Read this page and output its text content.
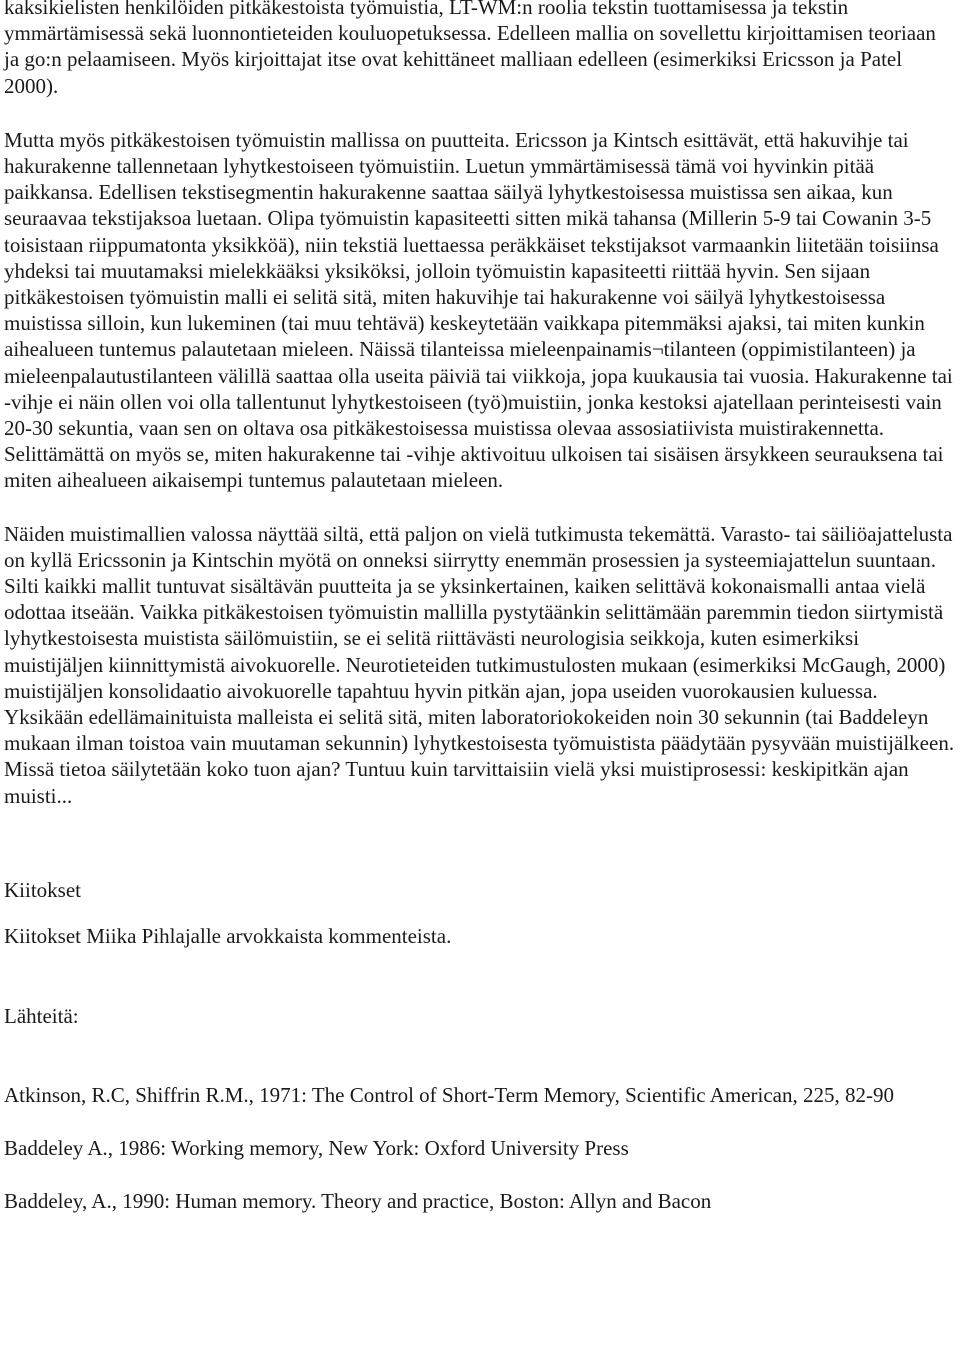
kaksikielisten henkilöiden pitkäkestoista työmuistia, LT-WM:n roolia tekstin tuottamisessa ja tekstin ymmärtämisessä sekä luonnontieteiden kouluopetuksessa. Edelleen mallia on sovellettu kirjoittamisen teoriaan ja go:n pelaamiseen. Myös kirjoittajat itse ovat kehittäneet malliaan edelleen (esimerkiksi Ericsson ja Patel 2000).

Mutta myös pitkäkestoisen työmuistin mallissa on puutteita. Ericsson ja Kintsch esittävät, että hakuvihje tai hakurakenne tallennetaan lyhytkestoiseen työmuistiin. Luetun ymmärtämisessä tämä voi hyvinkin pitää paikkansa. Edellisen tekstisegmentin hakurakenne saattaa säilyä lyhytkestoisessa muistissa sen aikaa, kun seuraavaa tekstijaksoa luetaan. Olipa työmuistin kapasiteetti sitten mikä tahansa (Millerin 5-9 tai Cowanin 3-5 toisistaan riippumatonta yksikköä), niin tekstiä luettaessa peräkkäiset tekstijaksot varmaankin liitetään toisiinsa yhdeksi tai muutamaksi mielekkääksi yksiköksi, jolloin työmuistin kapasiteetti riittää hyvin. Sen sijaan pitkäkestoisen työmuistin malli ei selitä sitä, miten hakuvihje tai hakurakenne voi säilyä lyhytkestoisessa muistissa silloin, kun lukeminen (tai muu tehtävä) keskeytetään vaikkapa pitemmäksi ajaksi, tai miten kunkin aihealueen tuntemus palautetaan mieleen. Näissä tilanteissa mieleenpainamis¬tilanteen (oppimistilanteen) ja mieleenpalautustilanteen välillä saattaa olla useita päiviä tai viikkoja, jopa kuukausia tai vuosia. Hakurakenne tai -vihje ei näin ollen voi olla tallentunut lyhytkestoiseen (työ)muistiin, jonka kestoksi ajatellaan perinteisesti vain 20-30 sekuntia, vaan sen on oltava osa pitkäkestoisessa muistissa olevaa assosiatiivista muistirakennetta. Selittämättä on myös se, miten hakurakenne tai -vihje aktivoituu ulkoisen tai sisäisen ärsykkeen seurauksena tai miten aihealueen aikaisempi tuntemus palautetaan mieleen.

Näiden muistimallien valossa näyttää siltä, että paljon on vielä tutkimusta tekemättä. Varasto- tai säiliöajattelusta on kyllä Ericssonin ja Kintschin myötä on onneksi siirrytty enemmän prosessien ja systeemiajattelun suuntaan. Silti kaikki mallit tuntuvat sisältävän puutteita ja se yksinkertainen, kaiken selittävä kokonaismalli antaa vielä odottaa itseään. Vaikka pitkäkestoisen työmuistin mallilla pystytäänkin selittämään paremmin tiedon siirtymistä lyhytkestoisesta muistista säilömuistiin, se ei selitä riittävästi neurologisia seikkoja, kuten esimerkiksi muistijäljen kiinnittymistä aivokuorelle. Neurotieteiden tutkimustulosten mukaan (esimerkiksi McGaugh, 2000) muistijäljen konsolidaatio aivokuorelle tapahtuu hyvin pitkän ajan, jopa useiden vuorokausien kuluessa. Yksikään edellämainituista malleista ei selitä sitä, miten laboratoriokokeiden noin 30 sekunnin (tai Baddeleyn mukaan ilman toistoa vain muutaman sekunnin) lyhytkestoisesta työmuistista päädytään pysyvään muistijälkeen. Missä tietoa säilytetään koko tuon ajan? Tuntuu kuin tarvittaisiin vielä yksi muistiprosessi: keskipitkän ajan muisti...

Kiitokset

Kiitokset Miika Pihlajalle arvokkaista kommenteista.

Lähteitä:

Atkinson, R.C, Shiffrin R.M., 1971: The Control of Short-Term Memory, Scientific American, 225, 82-90

Baddeley A., 1986: Working memory, New York: Oxford University Press

Baddeley, A., 1990: Human memory. Theory and practice, Boston: Allyn and Bacon
